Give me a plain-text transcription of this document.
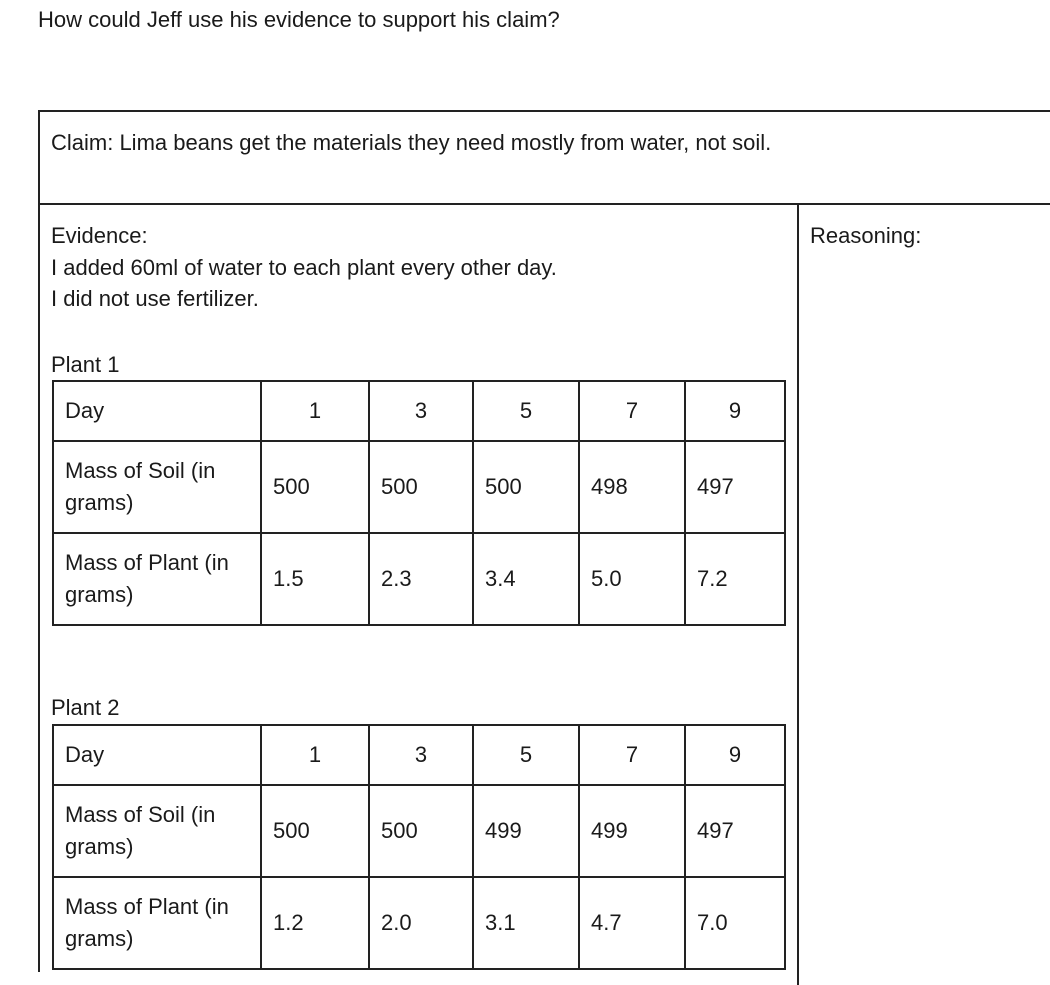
How could Jeff use his evidence to support his claim?
Claim: Lima beans get the materials they need mostly from water, not soil.
Evidence:
I added 60ml of water to each plant every other day.
I did not use fertilizer.
Reasoning:
Plant 1
Day	1	3	5	7	9
Mass of Soil (in grams)	500	500	500	498	497
Mass of Plant (in grams)	1.5	2.3	3.4	5.0	7.2
Plant 2
Day	1	3	5	7	9
Mass of Soil (in grams)	500	500	499	499	497
Mass of Plant (in grams)	1.2	2.0	3.1	4.7	7.0
